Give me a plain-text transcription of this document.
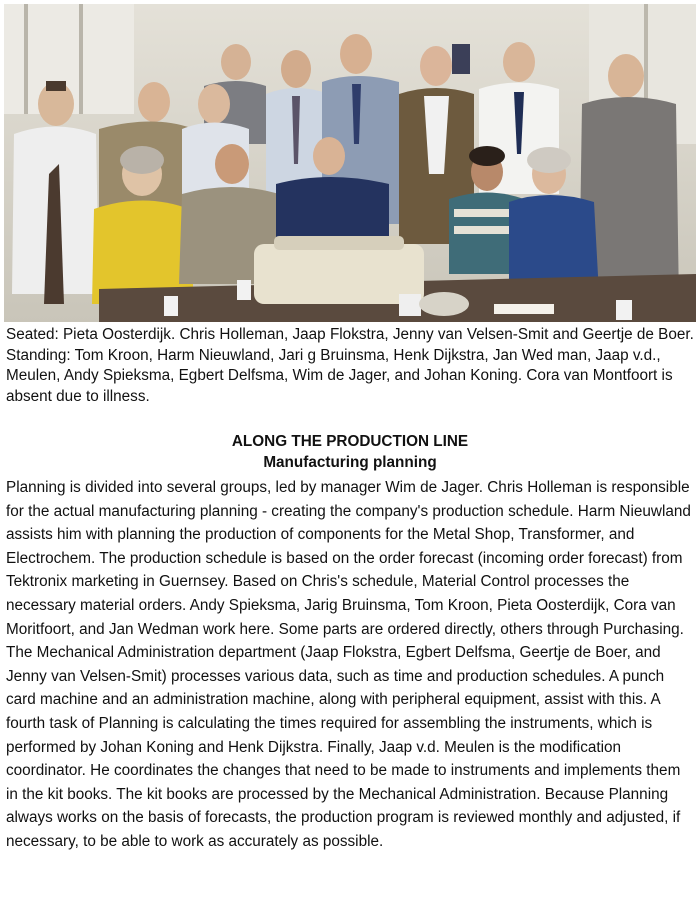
Seated: Pieta Oosterdijk. Chris Holleman, Jaap Flokstra, Jenny van Velsen-Smit and Geertje de Boer. Standing: Tom Kroon, Harm Nieuwland, Jari g Bruinsma, Henk Dijkstra, Jan Wed man, Jaap v.d., Meulen, Andy Spieksma, Egbert Delfsma, Wim de Jager, and Johan Koning. Cora van Montfoort is absent due to illness.

ALONG THE PRODUCTION LINE

Manufacturing planning

Planning is divided into several groups, led by manager Wim de Jager. Chris Holleman is responsible for the actual manufacturing planning - creating the company's production schedule. Harm Nieuwland assists him with planning the production of components for the Metal Shop, Transformer, and Electrochem. The production schedule is based on the order forecast (incoming order forecast) from Tektronix marketing in Guernsey. Based on Chris's schedule, Material Control processes the necessary material orders. Andy Spieksma, Jarig Bruinsma, Tom Kroon, Pieta Oosterdijk, Cora van Moritfoort, and Jan Wedman work here. Some parts are ordered directly, others through Purchasing. The Mechanical Administration department (Jaap Flokstra, Egbert Delfsma, Geertje de Boer, and Jenny van Velsen-Smit) processes various data, such as time and production schedules. A punch card machine and an administration machine, along with peripheral equipment, assist with this. A fourth task of Planning is calculating the times required for assembling the instruments, which is performed by Johan Koning and Henk Dijkstra. Finally, Jaap v.d. Meulen is the modification coordinator. He coordinates the changes that need to be made to instruments and implements them in the kit books. The kit books are processed by the Mechanical Administration. Because Planning always works on the basis of forecasts, the production program is reviewed monthly and adjusted, if necessary, to be able to work as accurately as possible.
